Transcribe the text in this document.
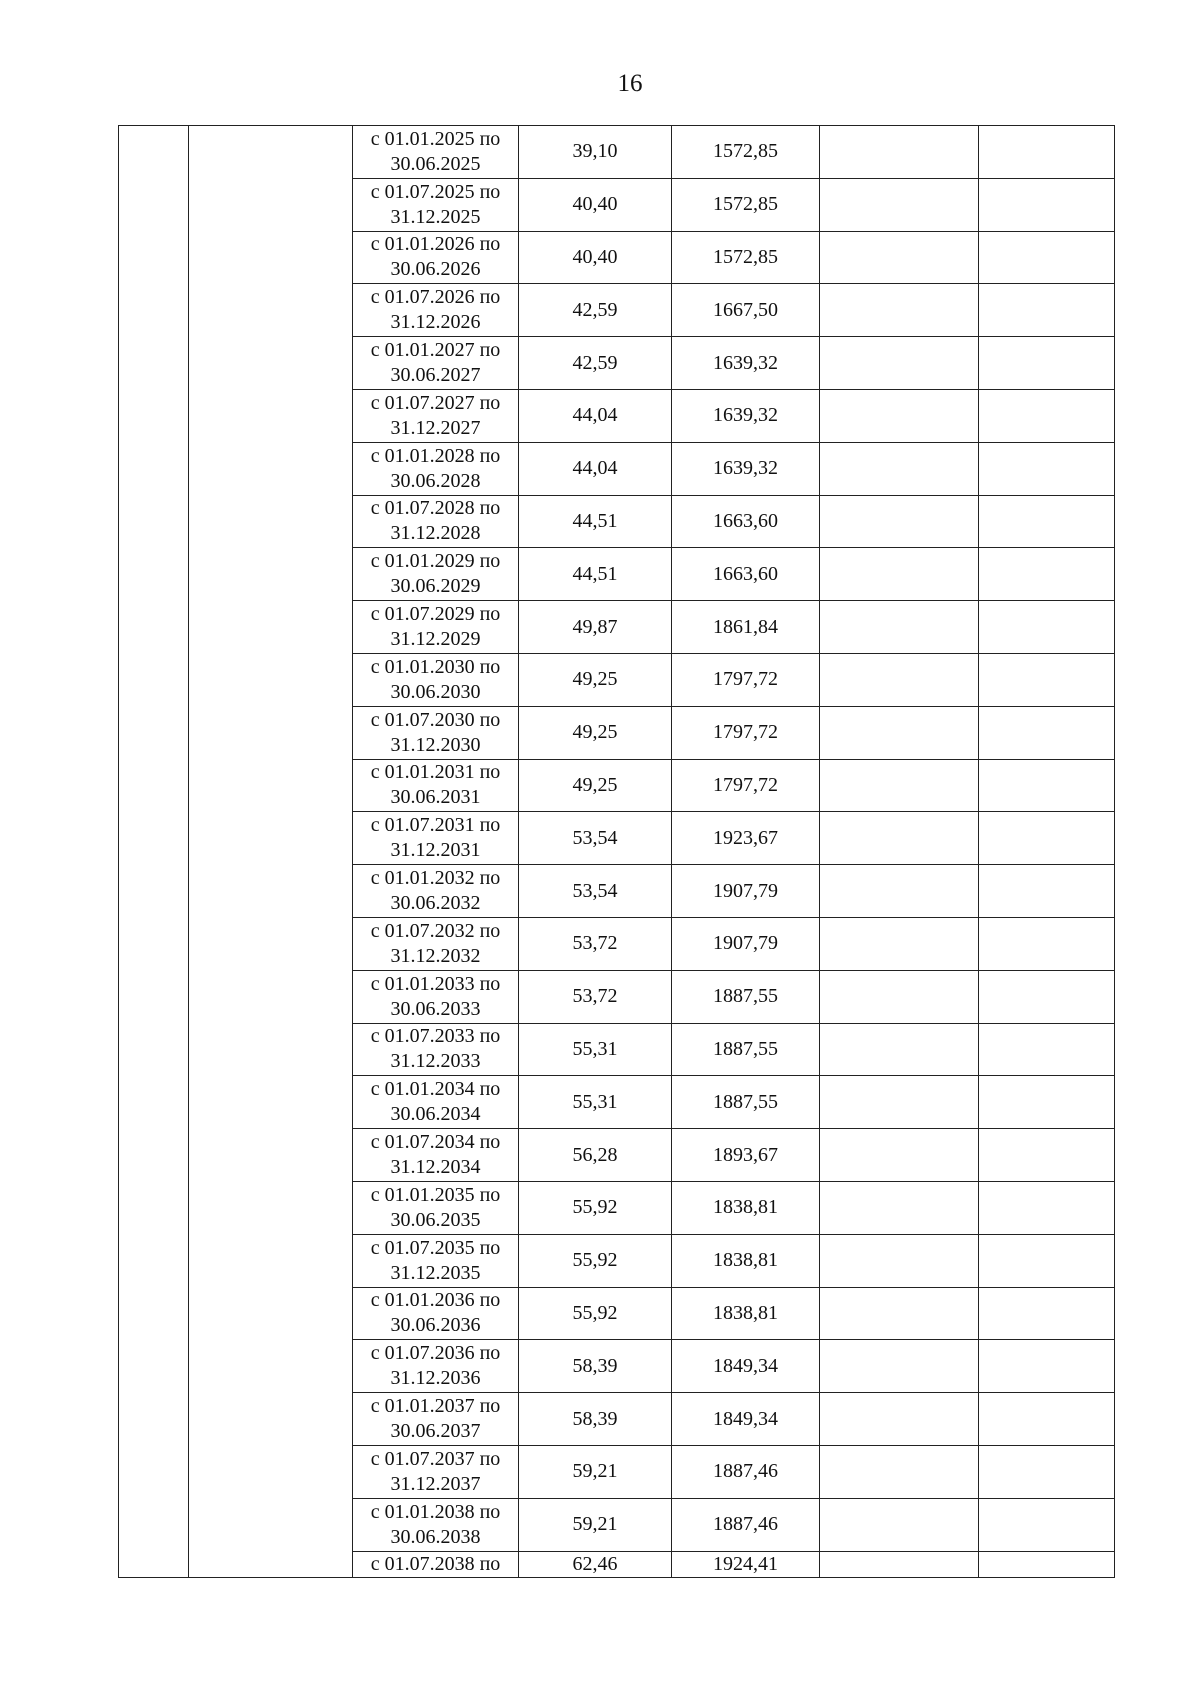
16
		с 01.01.2025 по 30.06.2025	39,10	1572,85		
		с 01.07.2025 по 31.12.2025	40,40	1572,85		
		с 01.01.2026 по 30.06.2026	40,40	1572,85		
		с 01.07.2026 по 31.12.2026	42,59	1667,50		
		с 01.01.2027 по 30.06.2027	42,59	1639,32		
		с 01.07.2027 по 31.12.2027	44,04	1639,32		
		с 01.01.2028 по 30.06.2028	44,04	1639,32		
		с 01.07.2028 по 31.12.2028	44,51	1663,60		
		с 01.01.2029 по 30.06.2029	44,51	1663,60		
		с 01.07.2029 по 31.12.2029	49,87	1861,84		
		с 01.01.2030 по 30.06.2030	49,25	1797,72		
		с 01.07.2030 по 31.12.2030	49,25	1797,72		
		с 01.01.2031 по 30.06.2031	49,25	1797,72		
		с 01.07.2031 по 31.12.2031	53,54	1923,67		
		с 01.01.2032 по 30.06.2032	53,54	1907,79		
		с 01.07.2032 по 31.12.2032	53,72	1907,79		
		с 01.01.2033 по 30.06.2033	53,72	1887,55		
		с 01.07.2033 по 31.12.2033	55,31	1887,55		
		с 01.01.2034 по 30.06.2034	55,31	1887,55		
		с 01.07.2034 по 31.12.2034	56,28	1893,67		
		с 01.01.2035 по 30.06.2035	55,92	1838,81		
		с 01.07.2035 по 31.12.2035	55,92	1838,81		
		с 01.01.2036 по 30.06.2036	55,92	1838,81		
		с 01.07.2036 по 31.12.2036	58,39	1849,34		
		с 01.01.2037 по 30.06.2037	58,39	1849,34		
		с 01.07.2037 по 31.12.2037	59,21	1887,46		
		с 01.01.2038 по 30.06.2038	59,21	1887,46		
		с 01.07.2038 по	62,46	1924,41		
